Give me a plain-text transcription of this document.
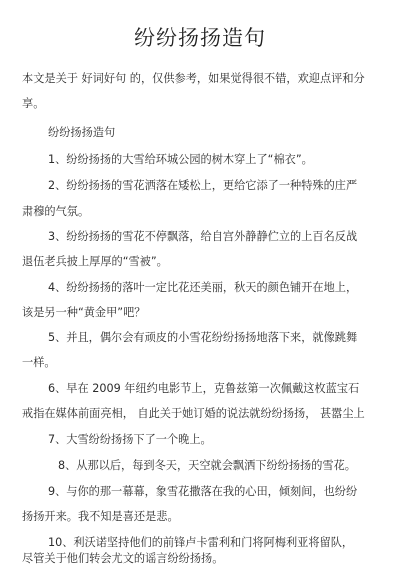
纷纷扬扬造句
本文是关于 好词好句 的，仅供参考，如果觉得很不错，欢迎点评和分
享。
纷纷扬扬造句
1、纷纷扬扬的大雪给环城公园的树木穿上了“棉衣”。
2、纷纷扬扬的雪花洒落在矮松上，更给它添了一种特殊的庄严
肃穆的气氛。
3、纷纷扬扬的雪花不停飘落，给自宫外静静伫立的上百名反战
退伍老兵披上厚厚的“雪被”。
4、纷纷扬扬的落叶一定比花还美丽，秋天的颜色铺开在地上，
该是另一种“黄金甲”吧？
5、并且，偶尔会有顽皮的小雪花纷纷扬扬地落下来，就像跳舞
一样。
6、早在 2009 年纽约电影节上，克鲁兹第一次佩戴这枚蓝宝石
戒指在媒体前面亮相， 自此关于她订婚的说法就纷纷扬扬， 甚嚣尘上
7、大雪纷纷扬扬下了一个晚上。
8、从那以后，每到冬天，天空就会飘洒下纷纷扬扬的雪花。
9、与你的那一幕幕，象雪花撒落在我的心田，倾刻间，也纷纷
扬扬开来。我不知是喜还是悲。
10、利沃诺坚持他们的前锋卢卡雷利和门将阿梅利亚将留队，
尽管关于他们转会尤文的谣言纷纷扬扬。
